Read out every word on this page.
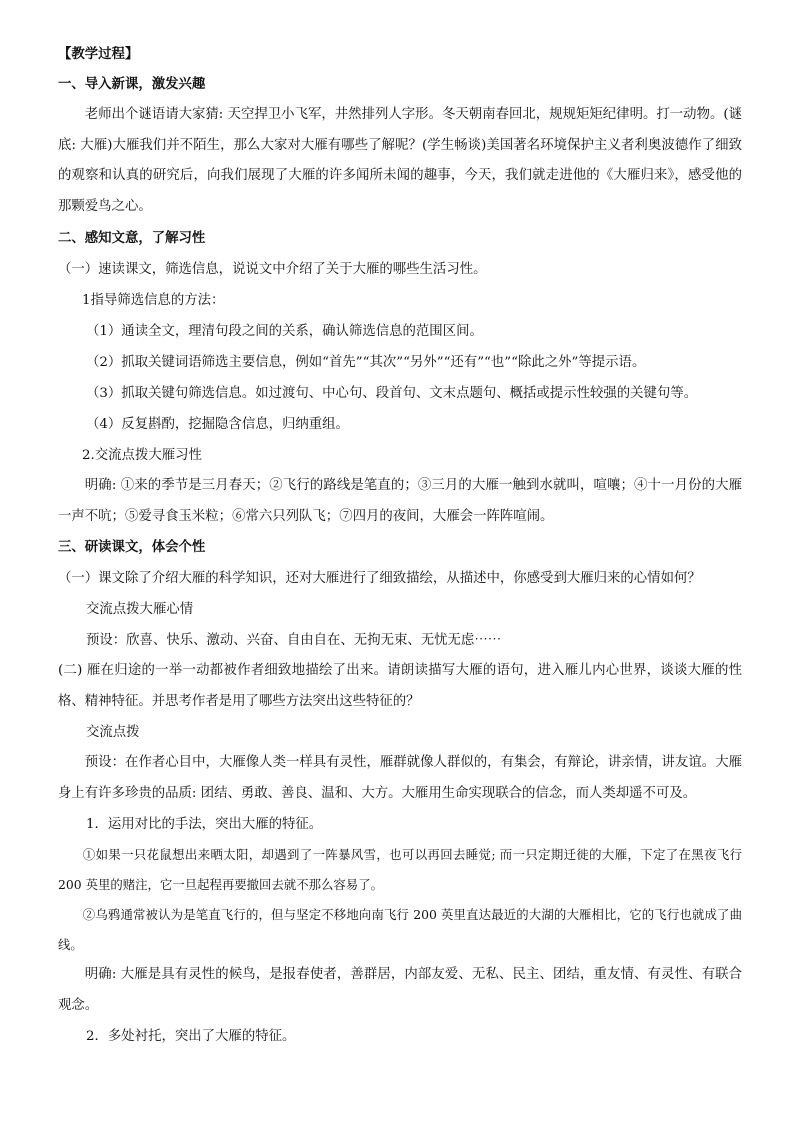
【教学过程】
一、导入新课，激发兴趣
老师出个谜语请大家猜: 天空捍卫小飞军，井然排列人字形。冬天朝南春回北，规规矩矩纪律明。打一动物。(谜底: 大雁)大雁我们并不陌生，那么大家对大雁有哪些了解呢？(学生畅谈)美国著名环境保护主义者利奥波德作了细致的观察和认真的研究后，向我们展现了大雁的许多闻所未闻的趣事，今天，我们就走进他的《大雁归来》，感受他的那颗爱鸟之心。
二、感知文意，了解习性
（一）速读课文，筛选信息，说说文中介绍了关于大雁的哪些生活习性。
1指导筛选信息的方法：
（1）通读全文，理清句段之间的关系，确认筛选信息的范围区间。
（2）抓取关键词语筛选主要信息，例如“首先”“其次”“另外”“还有”“也”“除此之外”等提示语。
（3）抓取关键句筛选信息。如过渡句、中心句、段首句、文末点题句、概括或提示性较强的关键句等。
（4）反复斟酌，挖掘隐含信息，归纳重组。
2.交流点拨大雁习性
明确: ①来的季节是三月春天；②飞行的路线是笔直的；③三月的大雁一触到水就叫，喧嚷；④十一月份的大雁一声不吭；⑤爱寻食玉米粒；⑥常六只列队飞；⑦四月的夜间，大雁会一阵阵喧闹。
三、研读课文，体会个性
（一）课文除了介绍大雁的科学知识，还对大雁进行了细致描绘，从描述中，你感受到大雁归来的心情如何？
交流点拨大雁心情
预设：欣喜、快乐、激动、兴奋、自由自在、无拘无束、无忧无虑⋯⋯
(二) 雁在归途的一举一动都被作者细致地描绘了出来。请朗读描写大雁的语句，进入雁儿内心世界，谈谈大雁的性格、精神特征。并思考作者是用了哪些方法突出这些特征的？
交流点拨
预设：在作者心目中，大雁像人类一样具有灵性，雁群就像人群似的，有集会，有辩论，讲亲情，讲友谊。大雁身上有许多珍贵的品质: 团结、勇敢、善良、温和、大方。大雁用生命实现联合的信念，而人类却遥不可及。
1．运用对比的手法，突出大雁的特征。
①如果一只花鼠想出来晒太阳，却遇到了一阵暴风雪，也可以再回去睡觉; 而一只定期迁徙的大雁，下定了在黑夜飞行 200 英里的赌注，它一旦起程再要撤回去就不那么容易了。
②乌鸦通常被认为是笔直飞行的，但与坚定不移地向南飞行 200 英里直达最近的大湖的大雁相比，它的飞行也就成了曲线。
明确: 大雁是具有灵性的候鸟，是报春使者，善群居，内部友爱、无私、民主、团结，重友情、有灵性、有联合观念。
2．多处衬托，突出了大雁的特征。
